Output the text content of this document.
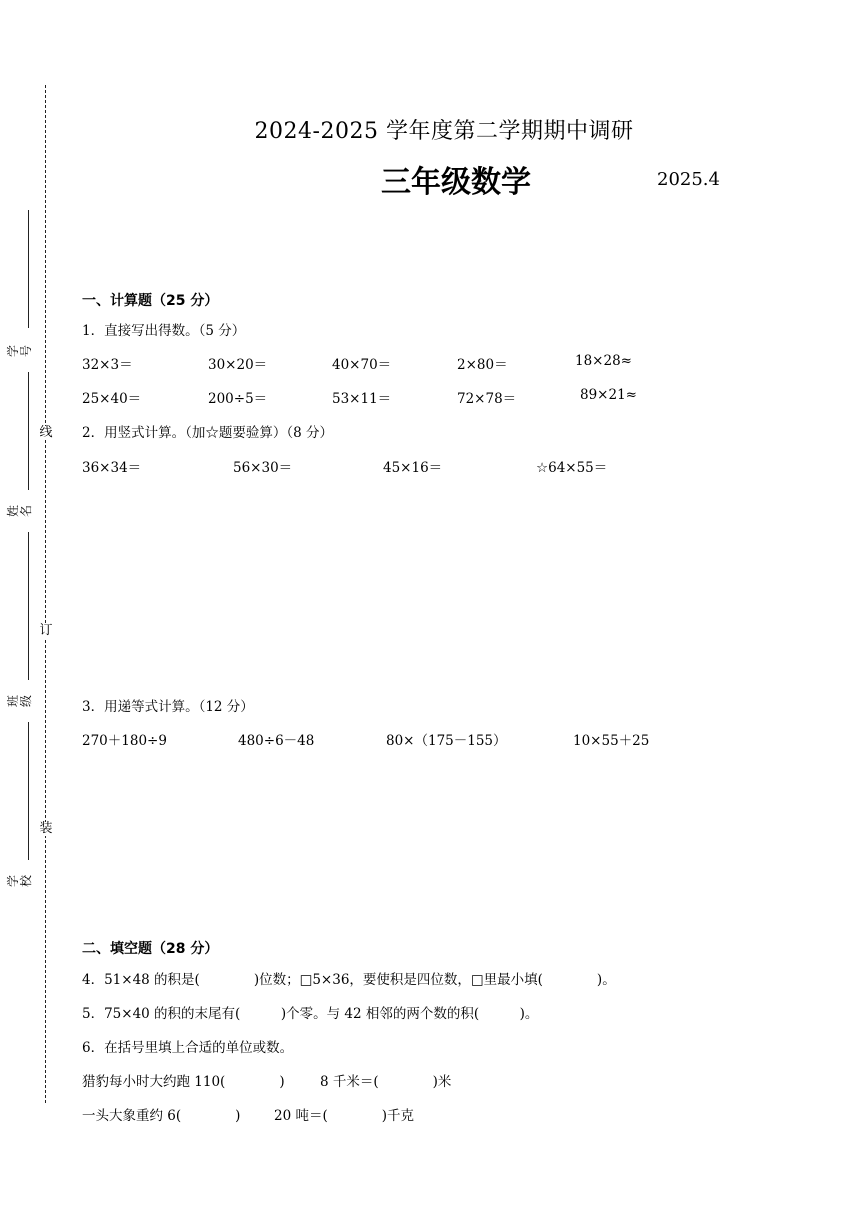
线
订
装
学号
姓名
班级
学校
2024-2025 学年度第二学期期中调研
三年级数学	2025.4
一、计算题（25 分）
1．直接写出得数。（5 分）
32×3＝	30×20＝	40×70＝	2×80＝	18×28≈
25×40＝	200÷5＝	53×11＝	72×78＝	89×21≈
2．用竖式计算。（加☆题要验算）（8 分）
36×34＝	56×30＝	45×16＝	☆64×55＝
3．用递等式计算。（12 分）
270＋180÷9	480÷6－48	80×（175－155）	10×55＋25
二、填空题（28 分）
4．51×48 的积是(　　　　)位数；□5×36，要使积是四位数，□里最小填(　　　　)。
5．75×40 的积的末尾有(　　　)个零。与 42 相邻的两个数的积(　　　)。
6．在括号里填上合适的单位或数。
猎豹每小时大约跑 110(　　　　)	8 千米＝(　　　　)米
一头大象重约 6(　　　　) 20 吨＝(　　　　)千克
